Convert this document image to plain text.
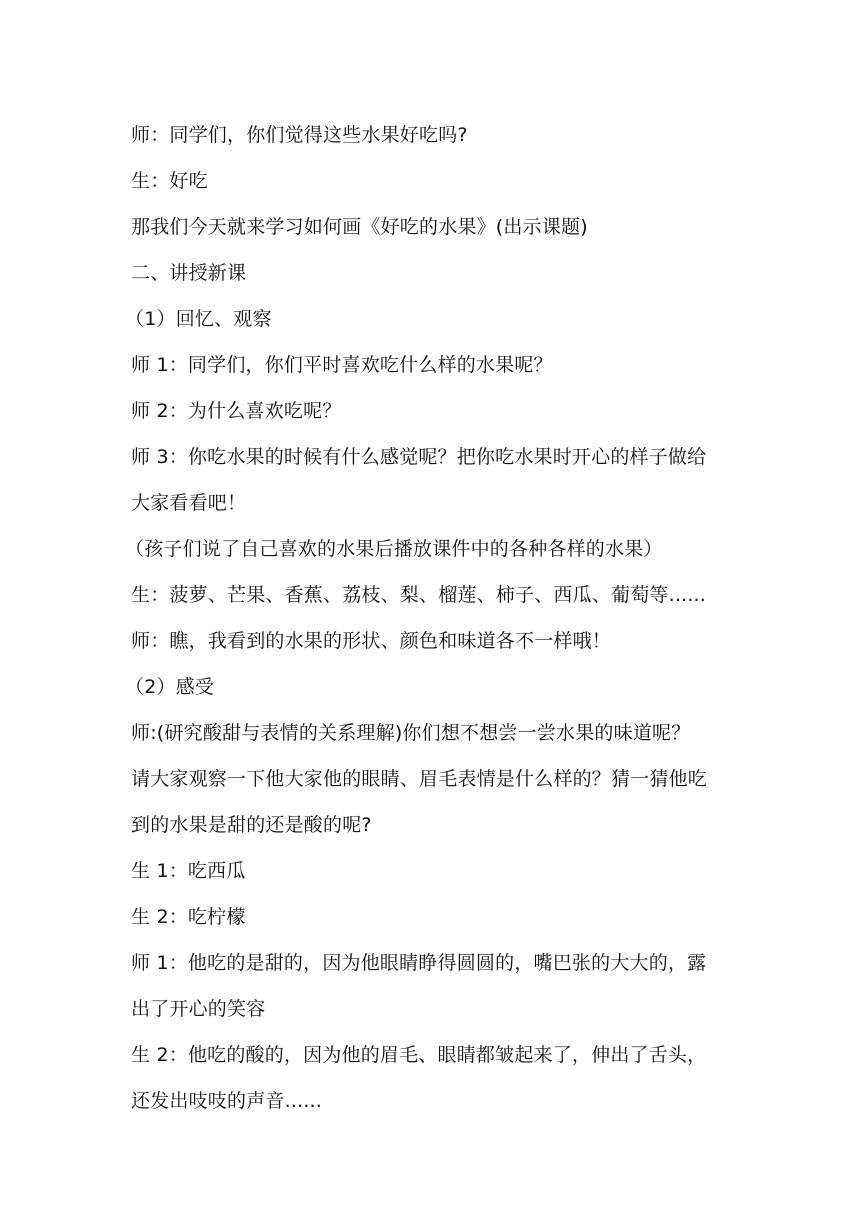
师：同学们，你们觉得这些水果好吃吗?
生：好吃
那我们今天就来学习如何画《好吃的水果》(出示课题)
二、讲授新课
（1）回忆、观察
师 1：同学们，你们平时喜欢吃什么样的水果呢？
师 2：为什么喜欢吃呢？
师 3：你吃水果的时候有什么感觉呢？把你吃水果时开心的样子做给
大家看看吧！
（孩子们说了自己喜欢的水果后播放课件中的各种各样的水果）
生：菠萝、芒果、香蕉、荔枝、梨、榴莲、柿子、西瓜、葡萄等......
师：瞧，我看到的水果的形状、颜色和味道各不一样哦！
（2）感受
师:(研究酸甜与表情的关系理解)你们想不想尝一尝水果的味道呢？
请大家观察一下他大家他的眼睛、眉毛表情是什么样的？猜一猜他吃
到的水果是甜的还是酸的呢?
生 1：吃西瓜
生 2：吃柠檬
师 1：他吃的是甜的，因为他眼睛睁得圆圆的，嘴巴张的大大的，露
出了开心的笑容
生 2：他吃的酸的，因为他的眉毛、眼睛都皱起来了，伸出了舌头，
还发出吱吱的声音......
